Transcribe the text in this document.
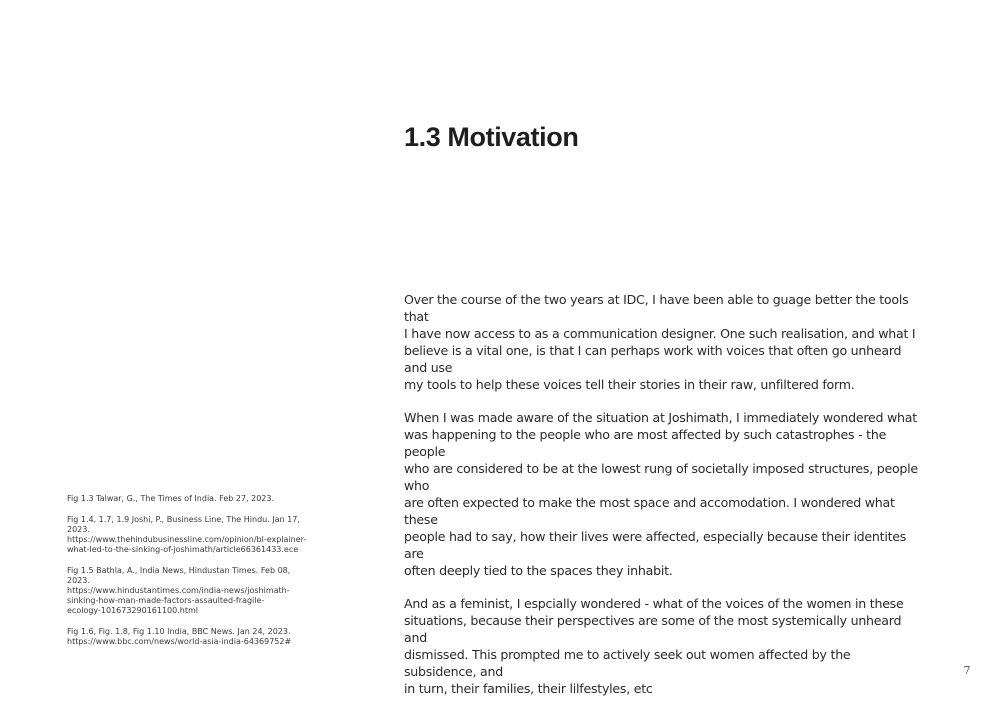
1.3 Motivation

Over the course of the two years at IDC, I have been able to guage better the tools that
I have now access to as a communication designer. One such realisation, and what I
believe is a vital one, is that I can perhaps work with voices that often go unheard and use
my tools to help these voices tell their stories in their raw, unfiltered form.

When I was made aware of the situation at Joshimath, I immediately wondered what
was happening to the people who are most affected by such catastrophes - the people
who are considered to be at the lowest rung of societally imposed structures, people who
are often expected to make the most space and accomodation. I wondered what these
people had to say, how their lives were affected, especially because their identites are
often deeply tied to the spaces they inhabit.

And as a feminist, I espcially wondered - what of the voices of the women in these
situations, because their perspectives are some of the most systemically unheard and
dismissed. This prompted me to actively seek out women affected by the subsidence, and
in turn, their families, their lilfestyles, etc

Fig 1.3 Talwar, G., The Times of India. Feb 27, 2023.
Fig 1.4, 1.7, 1.9 Joshi, P., Business Line, The Hindu. Jan 17,
2023.
https://www.thehindubusinessline.com/opinion/bl-explainer-
what-led-to-the-sinking-of-joshimath/article66361433.ece
Fig 1.5 Bathla, A., India News, Hindustan Times. Feb 08, 2023.
https://www.hindustantimes.com/india-news/joshimath-
sinking-how-man-made-factors-assaulted-fragile-
ecology-101673290161100.html
Fig 1.6, Fig. 1.8, Fig 1.10 India, BBC News. Jan 24, 2023.
https://www.bbc.com/news/world-asia-india-64369752#
7
